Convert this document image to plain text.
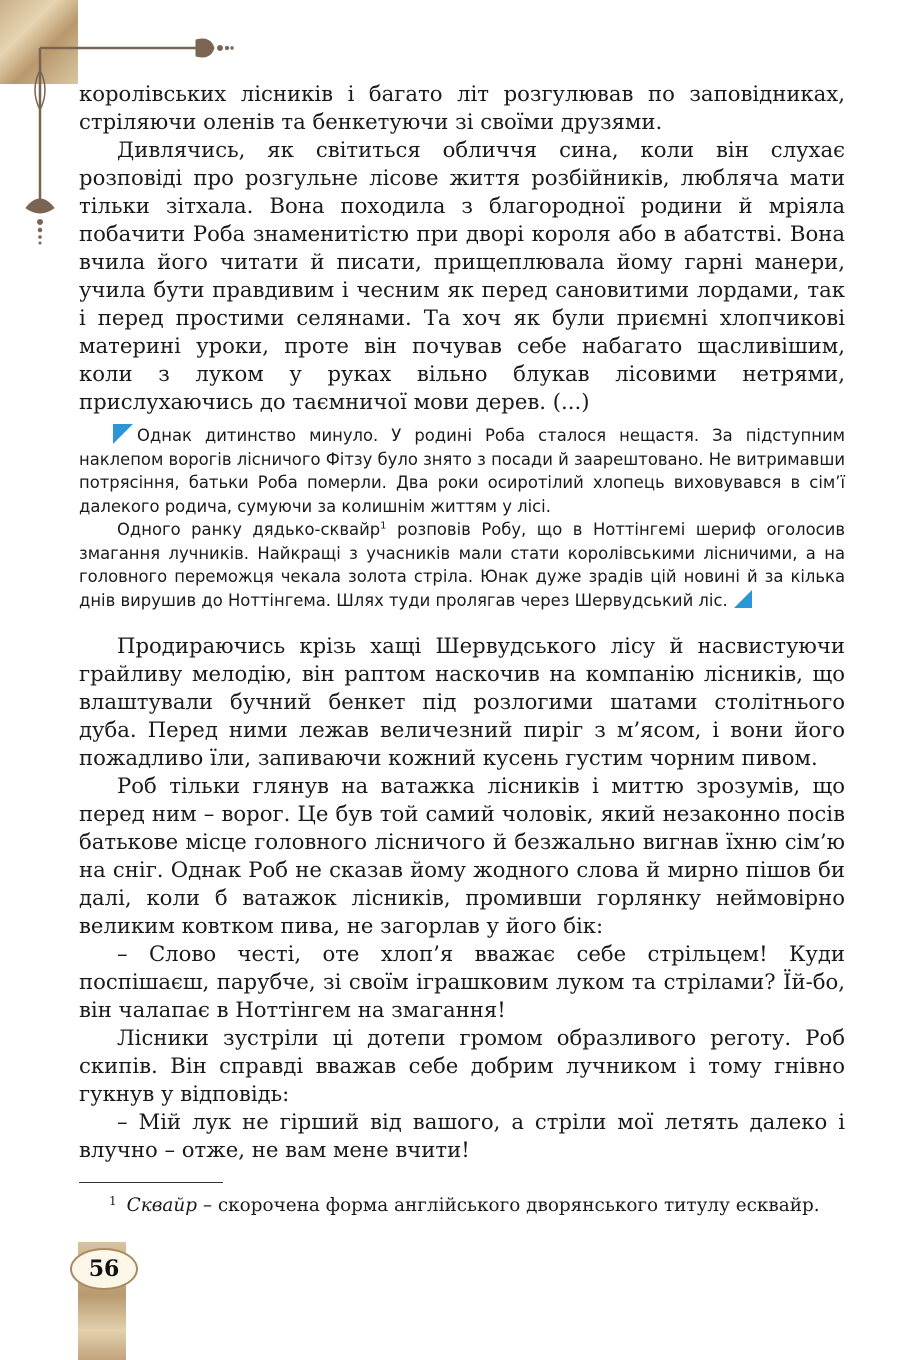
королівських лісників і багато літ розгулював по заповідниках, стріляючи оленів та бенкетуючи зі своїми друзями.

Дивлячись, як світиться обличчя сина, коли він слухає розповіді про розгульне лісове життя розбійників, любляча мати тільки зітхала. Вона походила з благородної родини й мріяла побачити Роба знаменитістю при дворі короля або в абатстві. Вона вчила його читати й писати, прищеплювала йому гарні манери, учила бути правдивим і чесним як перед сановитими лордами, так і перед простими селянами. Та хоч як були приємні хлопчикові материні уроки, проте він почував себе набагато щасливішим, коли з луком у руках вільно блукав лісовими нетрями, прислухаючись до таємничої мови дерев. (...)

Однак дитинство минуло. У родині Роба сталося нещастя. За підступним наклепом ворогів лісничого Фітзу було знято з посади й заарештовано. Не витримавши потрясіння, батьки Роба померли. Два роки осиротілий хлопець виховувався в сім’ї далекого родича, сумуючи за колишнім життям у лісі.

Одного ранку дядько-сквайр$^1$ розповів Робу, що в Ноттінгемі шериф оголосив змагання лучників. Найкращі з учасників мали стати королівськими лісничими, а на головного переможця чекала золота стріла. Юнак дуже зрадів цій новині й за кілька днів вирушив до Ноттінгема. Шлях туди пролягав через Шервудський ліс.

Продираючись крізь хащі Шервудського лісу й насвистуючи грайливу мелодію, він раптом наскочив на компанію лісників, що влаштували бучний бенкет під розлогими шатами столітнього дуба. Перед ними лежав величезний пиріг з м’ясом, і вони його пожадливо їли, запиваючи кожний кусень густим чорним пивом.

Роб тільки глянув на ватажка лісників і миттю зрозумів, що перед ним – ворог. Це був той самий чоловік, який незаконно посів батькове місце головного лісничого й безжально вигнав їхню сім’ю на сніг. Однак Роб не сказав йому жодного слова й мирно пішов би далі, коли б ватажок лісників, промивши горлянку неймовірно великим ковтком пива, не загорлав у його бік:

– Слово честі, оте хлоп’я вважає себе стрільцем! Куди поспішаєш, парубче, зі своїм іграшковим луком та стрілами? Їй-бо, він чалапає в Ноттінгем на змагання!

Лісники зустріли ці дотепи громом образливого реготу. Роб скипів. Він справді вважав себе добрим лучником і тому гнівно гукнув у відповідь:

– Мій лук не гірший від вашого, а стріли мої летять далеко і влучно – отже, не вам мене вчити!

$^1$ Сквайр – скорочена форма англійського дворянського титулу есквайр.
56
